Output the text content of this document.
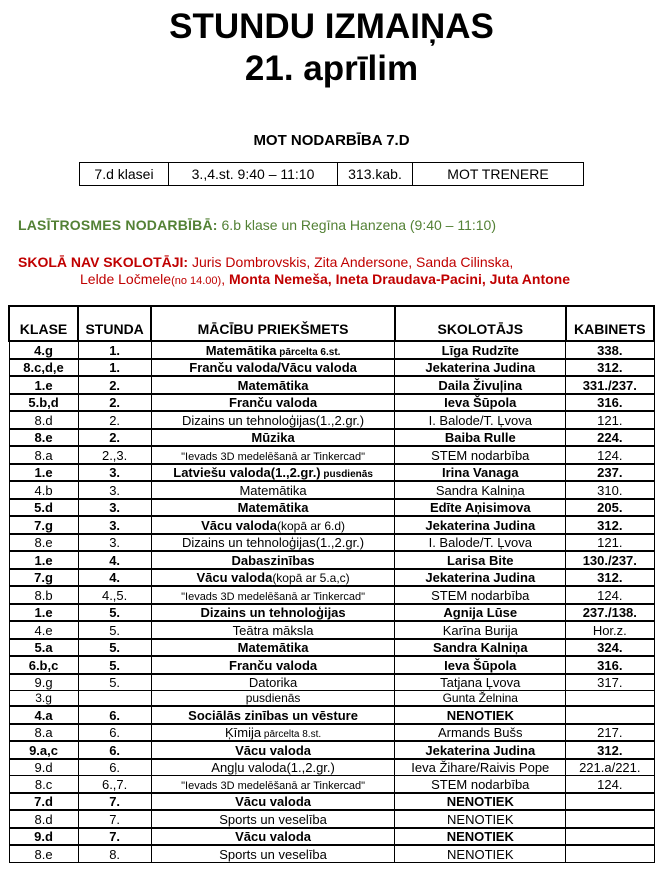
STUNDU IZMAIŅAS
21. aprīlim
MOT NODARBĪBA 7.D
7.d klasei	3.,4.st. 9:40 – 11:10	313.kab.	MOT TRENERE
LASĪTROSMES NODARBĪBĀ: 6.b klase un Regīna Hanzena (9:40 – 11:10)
SKOLĀ NAV SKOLOTĀJI: Juris Dombrovskis, Zita Andersone, Sanda Cilinska,
Lelde Ločmele(no 14.00), Monta Nemeša, Ineta Draudava-Pacini, Juta Antone
KLASE	STUNDA	MĀCĪBU PRIEKŠMETS	SKOLOTĀJS	KABINETS
4.g	1.	Matemātika pārcelta 6.st.	Līga Rudzīte	338.
8.c,d,e	1.	Franču valoda/Vācu valoda	Jekaterina Judina	312.
1.e	2.	Matemātika	Daila Živuļina	331./237.
5.b,d	2.	Franču valoda	Ieva Šūpola	316.
8.d	2.	Dizains un tehnoloģijas(1.,2.gr.)	I. Balode/T. Ļvova	121.
8.e	2.	Mūzika	Baiba Rulle	224.
8.a	2.,3.	"Ievads 3D medelēšanā ar Tinkercad"	STEM nodarbība	124.
1.e	3.	Latviešu valoda(1.,2.gr.) pusdienās	Irina Vanaga	237.
4.b	3.	Matemātika	Sandra Kalniņa	310.
5.d	3.	Matemātika	Edīte Aņisimova	205.
7.g	3.	Vācu valoda(kopā ar 6.d)	Jekaterina Judina	312.
8.e	3.	Dizains un tehnoloģijas(1.,2.gr.)	I. Balode/T. Ļvova	121.
1.e	4.	Dabaszinības	Larisa Bite	130./237.
7.g	4.	Vācu valoda(kopā ar 5.a,c)	Jekaterina Judina	312.
8.b	4.,5.	"Ievads 3D medelēšanā ar Tinkercad"	STEM nodarbība	124.
1.e	5.	Dizains un tehnoloģijas	Agnija Lūse	237./138.
4.e	5.	Teātra māksla	Karīna Burija	Hor.z.
5.a	5.	Matemātika	Sandra Kalniņa	324.
6.b,c	5.	Franču valoda	Ieva Šūpola	316.
9.g	5.	Datorika	Tatjana Ļvova	317.
3.g		pusdienās	Gunta Želnina	
4.a	6.	Sociālās zinības un vēsture	NENOTIEK	
8.a	6.	Ķīmija pārcelta 8.st.	Armands Bušs	217.
9.a,c	6.	Vācu valoda	Jekaterina Judina	312.
9.d	6.	Angļu valoda(1.,2.gr.)	Ieva Žihare/Raivis Pope	221.a/221.
8.c	6.,7.	"Ievads 3D medelēšanā ar Tinkercad"	STEM nodarbība	124.
7.d	7.	Vācu valoda	NENOTIEK	
8.d	7.	Sports un veselība	NENOTIEK	
9.d	7.	Vācu valoda	NENOTIEK	
8.e	8.	Sports un veselība	NENOTIEK	
